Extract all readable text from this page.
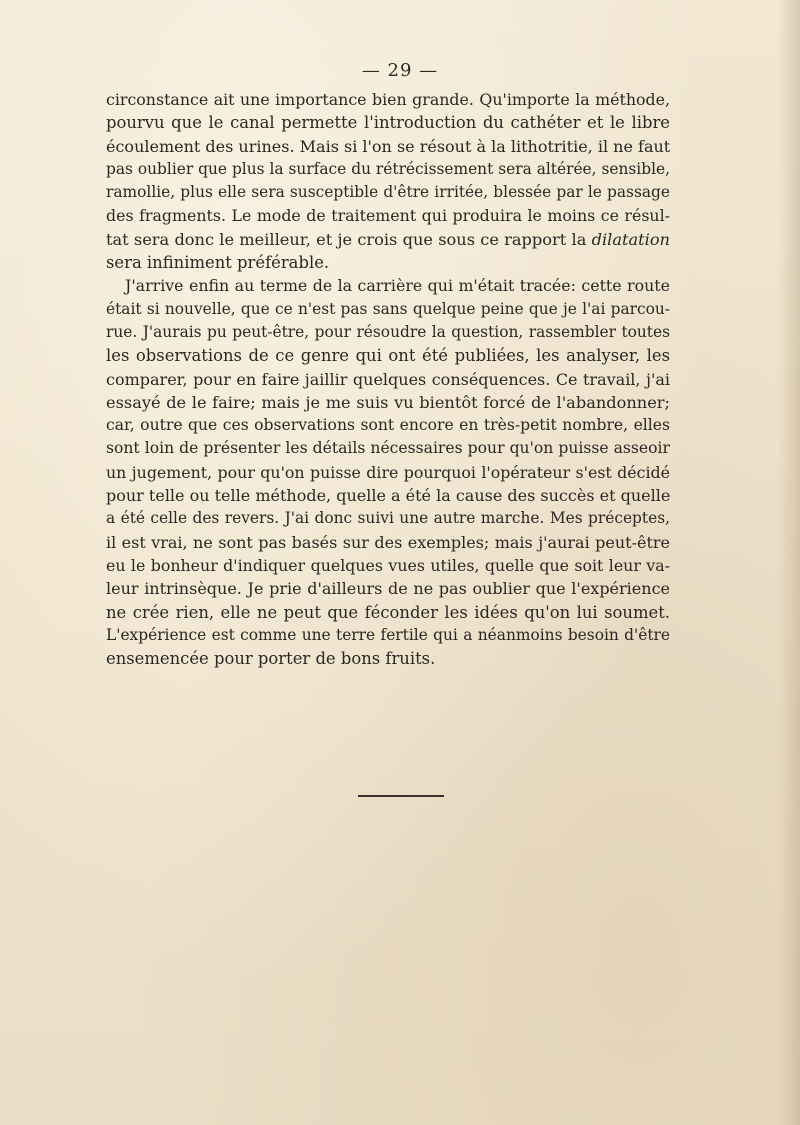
— 29 —
circonstance ait une importance bien grande. Qu'importe la méthode,
pourvu que le canal permette l'introduction du cathéter et le libre
écoulement des urines. Mais si l'on se résout à la lithotritie, il ne faut
pas oublier que plus la surface du rétrécissement sera altérée, sensible,
ramollie, plus elle sera susceptible d'être irritée, blessée par le passage
des fragments. Le mode de traitement qui produira le moins ce résul-
tat sera donc le meilleur, et je crois que sous ce rapport la dilatation
sera infiniment préférable.
J'arrive enfin au terme de la carrière qui m'était tracée: cette route
était si nouvelle, que ce n'est pas sans quelque peine que je l'ai parcou-
rue. J'aurais pu peut-être, pour résoudre la question, rassembler toutes
les observations de ce genre qui ont été publiées, les analyser, les
comparer, pour en faire jaillir quelques conséquences. Ce travail, j'ai
essayé de le faire; mais je me suis vu bientôt forcé de l'abandonner;
car, outre que ces observations sont encore en très-petit nombre, elles
sont loin de présenter les détails nécessaires pour qu'on puisse asseoir
un jugement, pour qu'on puisse dire pourquoi l'opérateur s'est décidé
pour telle ou telle méthode, quelle a été la cause des succès et quelle
a été celle des revers. J'ai donc suivi une autre marche. Mes préceptes,
il est vrai, ne sont pas basés sur des exemples; mais j'aurai peut-être
eu le bonheur d'indiquer quelques vues utiles, quelle que soit leur va-
leur intrinsèque. Je prie d'ailleurs de ne pas oublier que l'expérience
ne crée rien, elle ne peut que féconder les idées qu'on lui soumet.
L'expérience est comme une terre fertile qui a néanmoins besoin d'être
ensemencée pour porter de bons fruits.
